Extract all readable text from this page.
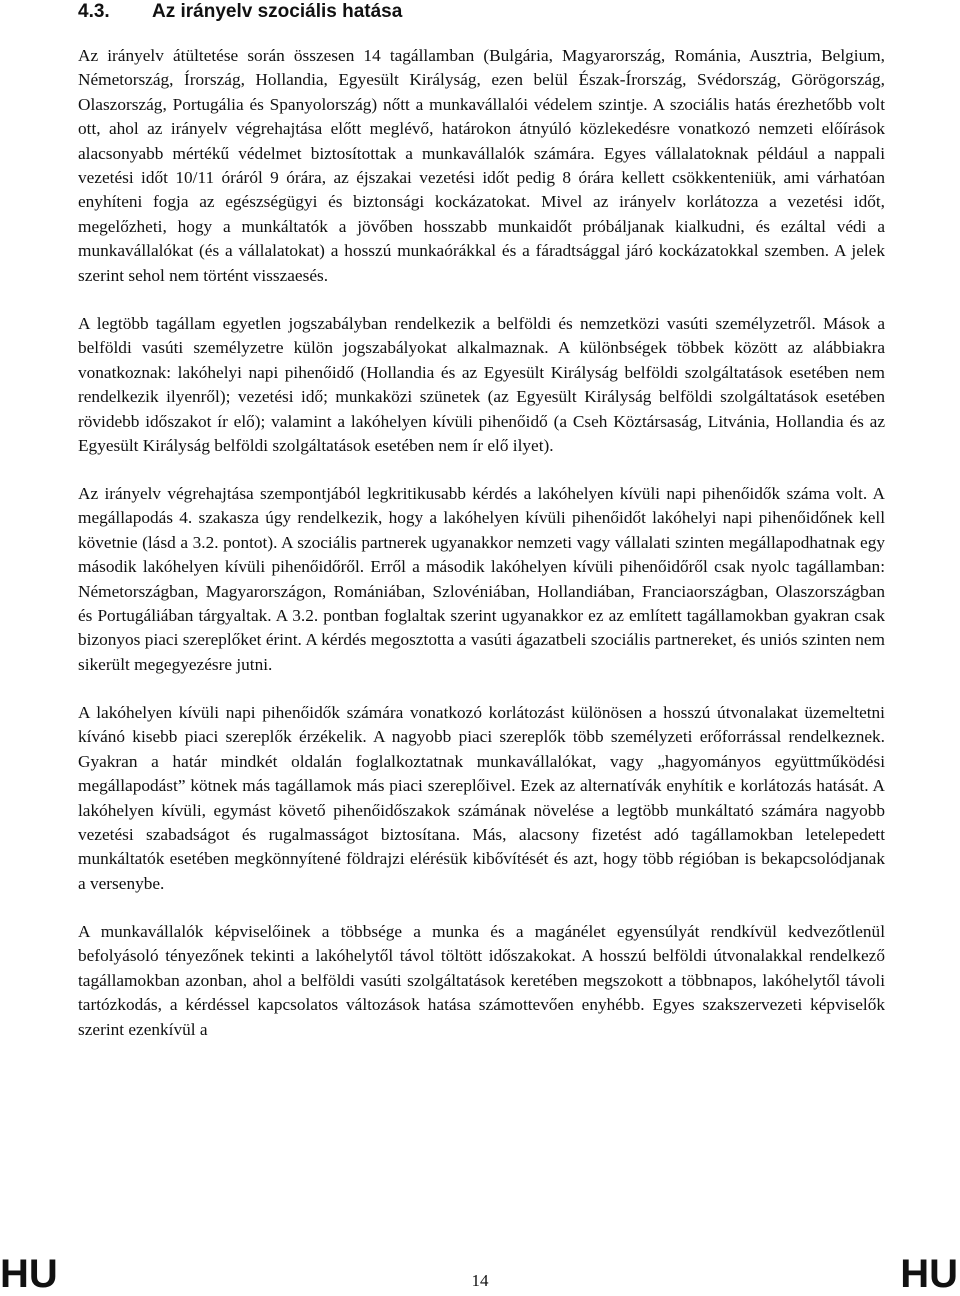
4.3. Az irányelv szociális hatása

Az irányelv átültetése során összesen 14 tagállamban (Bulgária, Magyarország, Románia, Ausztria, Belgium, Németország, Írország, Hollandia, Egyesült Királyság, ezen belül Észak-Írország, Svédország, Görögország, Olaszország, Portugália és Spanyolország) nőtt a munkavállalói védelem szintje. A szociális hatás érezhetőbb volt ott, ahol az irányelv végrehajtása előtt meglévő, határokon átnyúló közlekedésre vonatkozó nemzeti előírások alacsonyabb mértékű védelmet biztosítottak a munkavállalók számára. Egyes vállalatoknak például a nappali vezetési időt 10/11 óráról 9 órára, az éjszakai vezetési időt pedig 8 órára kellett csökkenteniük, ami várhatóan enyhíteni fogja az egészségügyi és biztonsági kockázatokat. Mivel az irányelv korlátozza a vezetési időt, megelőzheti, hogy a munkáltatók a jövőben hosszabb munkaidőt próbáljanak kialkudni, és ezáltal védi a munkavállalókat (és a vállalatokat) a hosszú munkaórákkal és a fáradtsággal járó kockázatokkal szemben. A jelek szerint sehol nem történt visszaesés.

A legtöbb tagállam egyetlen jogszabályban rendelkezik a belföldi és nemzetközi vasúti személyzetről. Mások a belföldi vasúti személyzetre külön jogszabályokat alkalmaznak. A különbségek többek között az alábbiakra vonatkoznak: lakóhelyi napi pihenőidő (Hollandia és az Egyesült Királyság belföldi szolgáltatások esetében nem rendelkezik ilyenről); vezetési idő; munkaközi szünetek (az Egyesült Királyság belföldi szolgáltatások esetében rövidebb időszakot ír elő); valamint a lakóhelyen kívüli pihenőidő (a Cseh Köztársaság, Litvánia, Hollandia és az Egyesült Királyság belföldi szolgáltatások esetében nem ír elő ilyet).

Az irányelv végrehajtása szempontjából legkritikusabb kérdés a lakóhelyen kívüli napi pihenőidők száma volt. A megállapodás 4. szakasza úgy rendelkezik, hogy a lakóhelyen kívüli pihenőidőt lakóhelyi napi pihenőidőnek kell követnie (lásd a 3.2. pontot). A szociális partnerek ugyanakkor nemzeti vagy vállalati szinten megállapodhatnak egy második lakóhelyen kívüli pihenőidőről. Erről a második lakóhelyen kívüli pihenőidőről csak nyolc tagállamban: Németországban, Magyarországon, Romániában, Szlovéniában, Hollandiában, Franciaországban, Olaszországban és Portugáliában tárgyaltak. A 3.2. pontban foglaltak szerint ugyanakkor ez az említett tagállamokban gyakran csak bizonyos piaci szereplőket érint. A kérdés megosztotta a vasúti ágazatbeli szociális partnereket, és uniós szinten nem sikerült megegyezésre jutni.

A lakóhelyen kívüli napi pihenőidők számára vonatkozó korlátozást különösen a hosszú útvonalakat üzemeltetni kívánó kisebb piaci szereplők érzékelik. A nagyobb piaci szereplők több személyzeti erőforrással rendelkeznek. Gyakran a határ mindkét oldalán foglalkoztatnak munkavállalókat, vagy „hagyományos együttműködési megállapodást” kötnek más tagállamok más piaci szereplőivel. Ezek az alternatívák enyhítik e korlátozás hatását. A lakóhelyen kívüli, egymást követő pihenőidőszakok számának növelése a legtöbb munkáltató számára nagyobb vezetési szabadságot és rugalmasságot biztosítana. Más, alacsony fizetést adó tagállamokban letelepedett munkáltatók esetében megkönnyítené földrajzi elérésük kibővítését és azt, hogy több régióban is bekapcsolódjanak a versenybe.

A munkavállalók képviselőinek a többsége a munka és a magánélet egyensúlyát rendkívül kedvezőtlenül befolyásoló tényezőnek tekinti a lakóhelytől távol töltött időszakokat. A hosszú belföldi útvonalakkal rendelkező tagállamokban azonban, ahol a belföldi vasúti szolgáltatások keretében megszokott a többnapos, lakóhelytől távoli tartózkodás, a kérdéssel kapcsolatos változások hatása számottevően enyhébb. Egyes szakszervezeti képviselők szerint ezenkívül a

HU	14	HU
